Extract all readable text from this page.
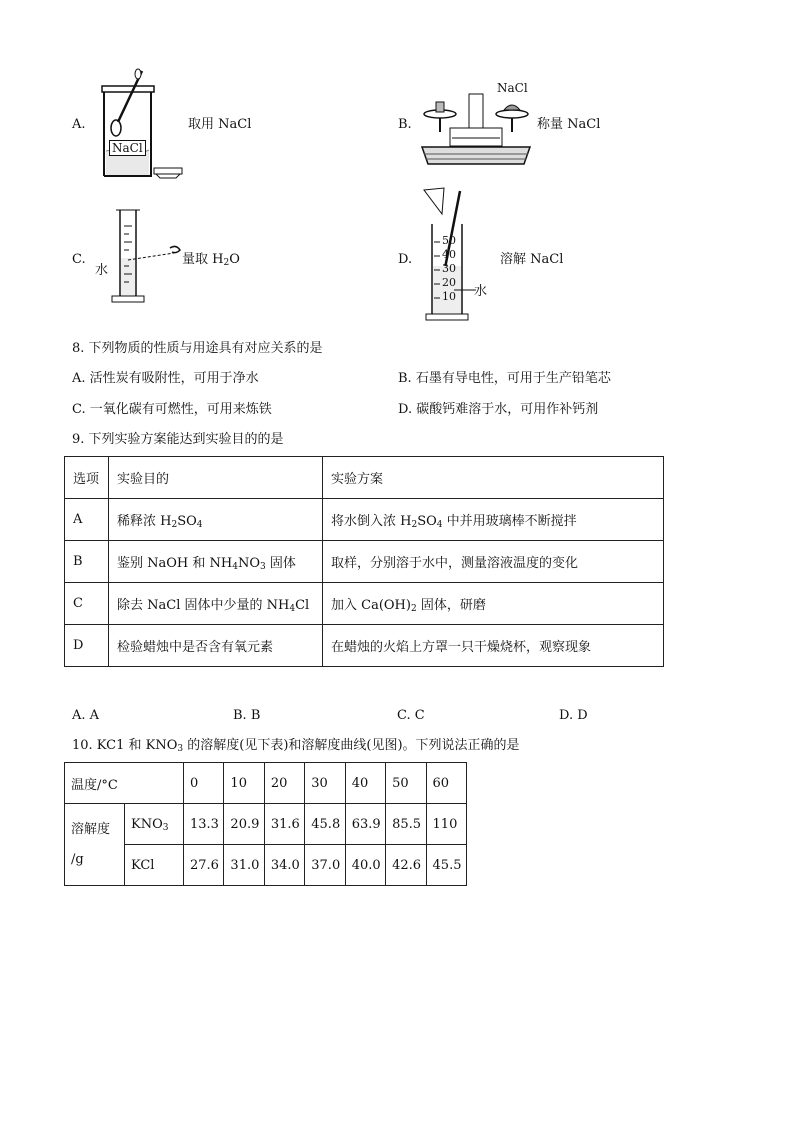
A.
NaCl
取用 NaCl	B.
NaCl
称量 NaCl
C.
水
量取 $H_2O$	D.
50
40
30
20
10 水
溶解 NaCl
8. 下列物质的性质与用途具有对应关系的是
A. 活性炭有吸附性，可用于净水	B. 石墨有导电性，可用于生产铅笔芯
C. 一氧化碳有可燃性，可用来炼铁	D. 碳酸钙难溶于水，可用作补钙剂
9. 下列实验方案能达到实验目的的是
选项	实验目的	实验方案
A	稀释浓 $H_2SO_4$	将水倒入浓 $H_2SO_4$ 中并用玻璃棒不断搅拌
B	鉴别 NaOH 和 $NH_4NO_3$ 固体	取样，分别溶于水中，测量溶液温度的变化
C	除去 NaCl 固体中少量的 $NH_4Cl$	加入 $Ca(OH)_2$ 固体，研磨
D	检验蜡烛中是否含有氧元素	在蜡烛的火焰上方罩一只干燥烧杯，观察现象
A. A	B. B	C. C	D. D
10. KC1 和 $KNO_3$ 的溶解度(见下表)和溶解度曲线(见图)。下列说法正确的是
温度/°C		0	10	20	30	40	50	60
溶解度
/g	$KNO_3$	13.3	20.9	31.6	45.8	63.9	85.5	110
	KCl	27.6	31.0	34.0	37.0	40.0	42.6	45.5
